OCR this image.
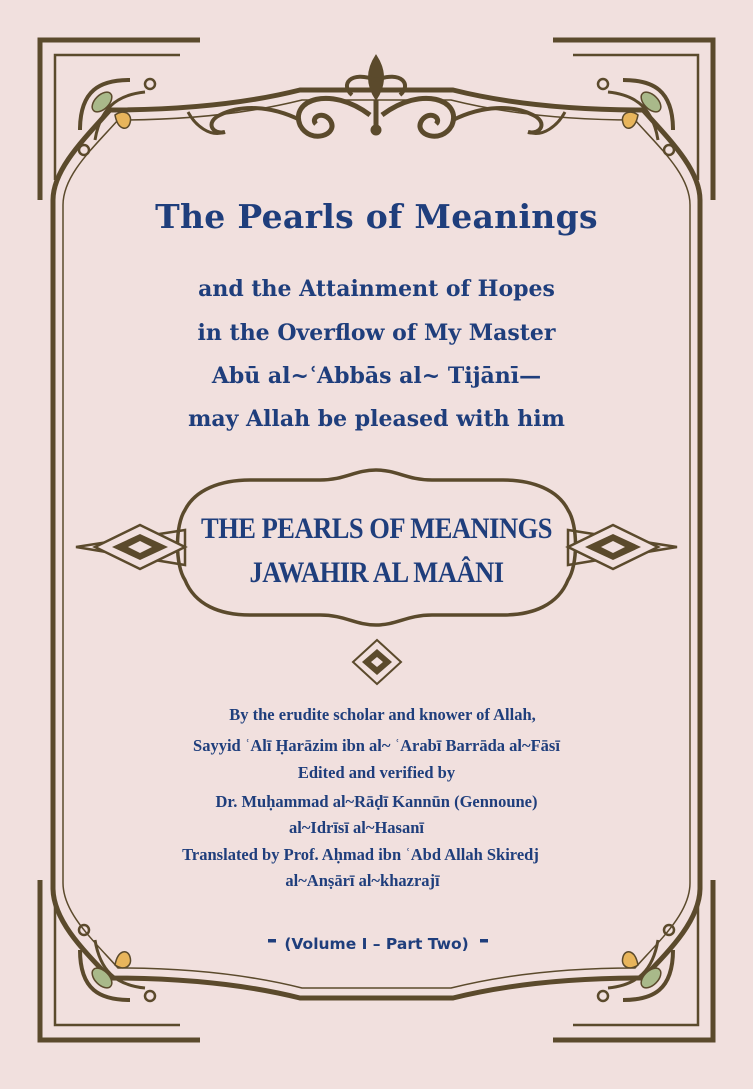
The Pearls of Meanings
and the Attainment of Hopes
in the Overflow of My Master
Abū al~ʿAbbās al~ Tijānī—
may Allah be pleased with him
THE PEARLS OF MEANINGS
JAWAHIR AL MAÂNI
By the erudite scholar and knower of Allah,
Sayyid ʿAlī Ḥarāzim ibn al~ ʿArabī Barrāda al~Fāsī
Edited and verified by
Dr. Muḥammad al~Rāḍī Kannūn (Gennoune)
al~Idrīsī al~Hasanī
Translated by Prof. Aḥmad ibn ʿAbd Allah Skiredj
al~Anṣārī al~khazrajī
(Volume I – Part Two)
